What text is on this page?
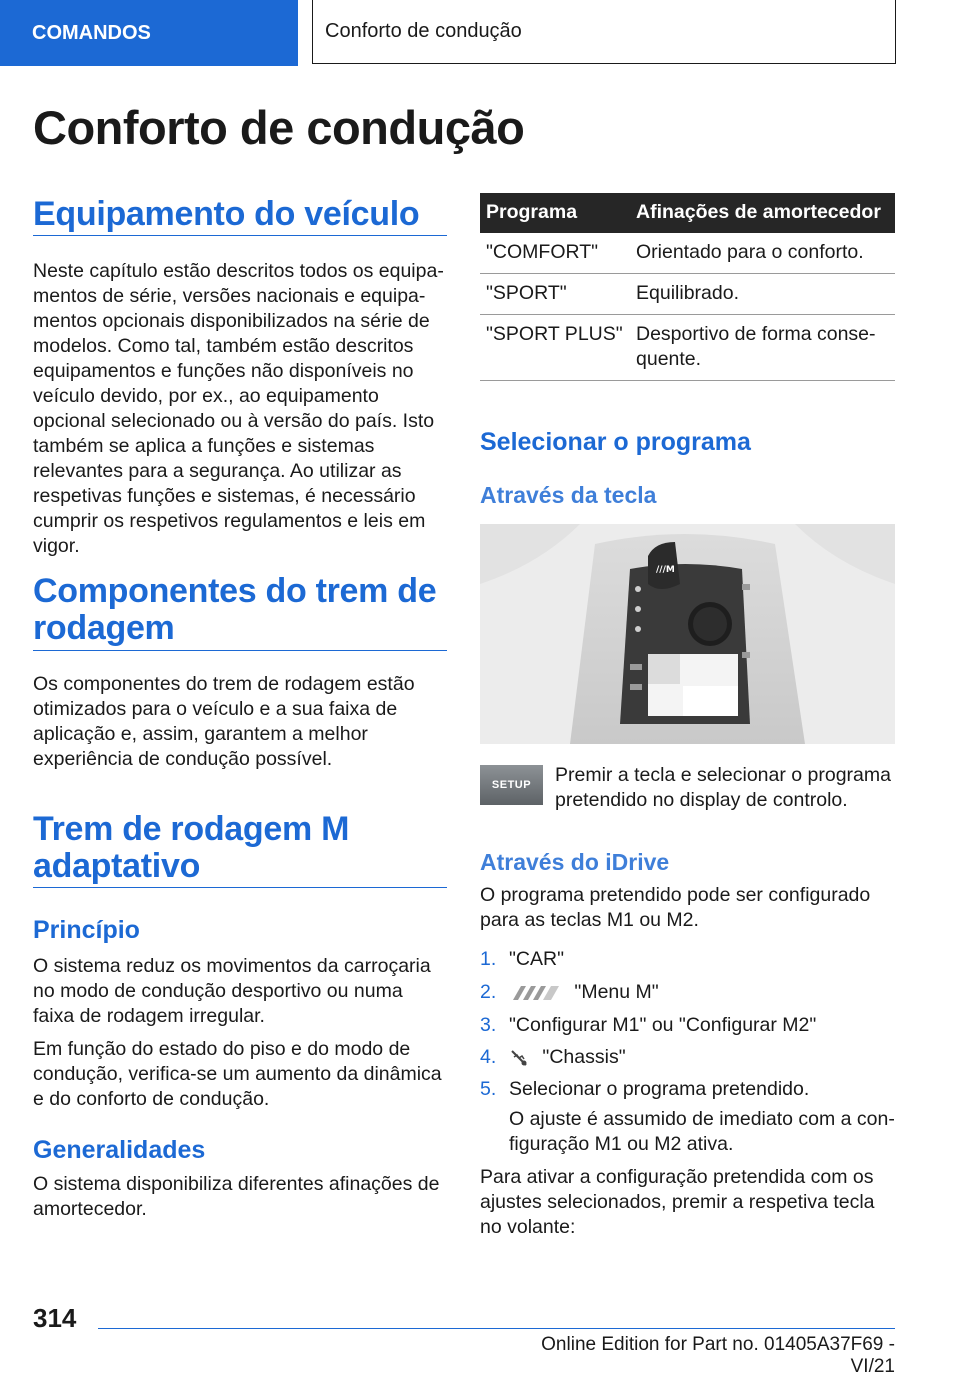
COMANDOS	Conforto de condução
Conforto de condução
Equipamento do veículo

Neste capítulo estão descritos todos os equipamentos de série, versões nacionais e equipamentos opcionais disponibilizados na série de modelos. Como tal, também estão descritos equipamentos e funções não disponíveis no veículo devido, por ex., ao equipamento opcional selecionado ou à versão do país. Isto também se aplica a funções e sistemas relevantes para a segurança. Ao utilizar as respetivas funções e sistemas, é necessário cumprir os respetivos regulamentos e leis em vigor.

Componentes do trem de rodagem

Os componentes do trem de rodagem estão otimizados para o veículo e a sua faixa de aplicação e, assim, garantem a melhor experiência de condução possível.

Trem de rodagem M adaptativo
Princípio

O sistema reduz os movimentos da carroçaria no modo de condução desportivo ou numa faixa de rodagem irregular.

Em função do estado do piso e do modo de condução, verifica-se um aumento da dinâmica e do conforto de condução.

Generalidades

O sistema disponibiliza diferentes afinações de amortecedor.

Programa	Afinações de amortecedor
"COMFORT"	Orientado para o conforto.
"SPORT"	Equilibrado.
"SPORT PLUS"	Desportivo de forma consequente.
Selecionar o programa
Através da tecla
///M
SETUP	Premir a tecla e selecionar o programa pretendido no display de controlo.

Através do iDrive

O programa pretendido pode ser configurado para as teclas M1 ou M2.

1. "CAR"
2.	"Menu M"
3. "Configurar M1" ou "Configurar M2"
4.	"Chassis"
5. Selecionar o programa pretendido.

O ajuste é assumido de imediato com a configuração M1 ou M2 ativa.

Para ativar a configuração pretendida com os ajustes selecionados, premir a respetiva tecla no volante:

314
Online Edition for Part no. 01405A37F69 - VI/21
